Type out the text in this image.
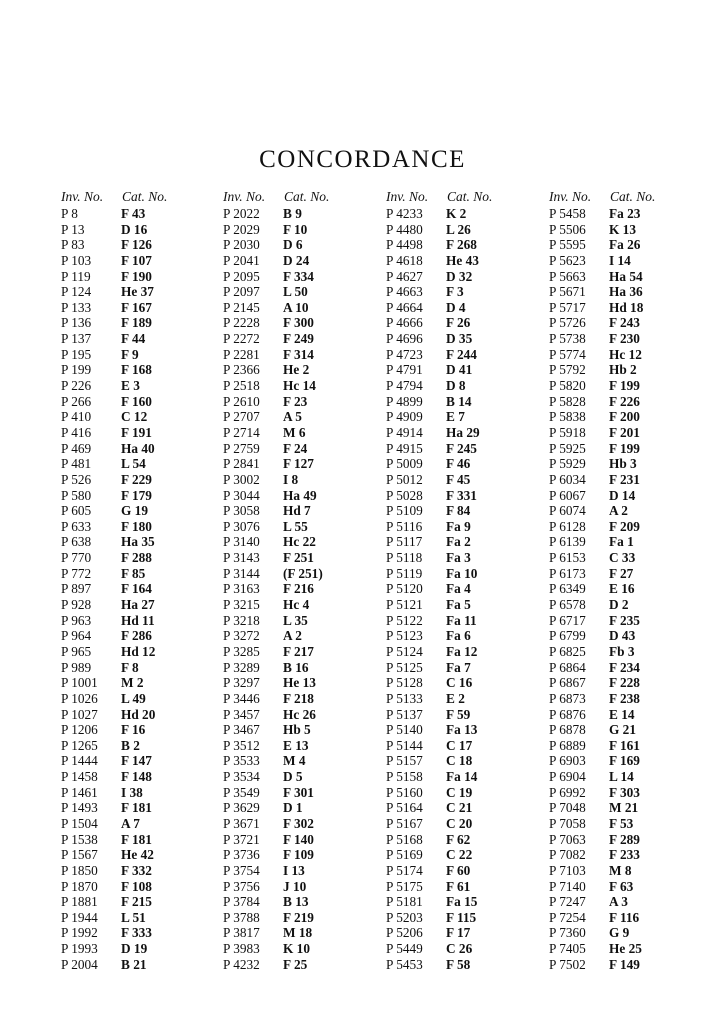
CONCORDANCE
Inv. No. Cat. No.
P 8	F 43
P 13	D 16
P 83	F 126
P 103 F 107
P 119 F 190
P 124 He 37
P 133 F 167
P 136 F 189
P 137 F 44
P 195 F 9
P 199 F 168
P 226 E 3
P 266 F 160
P 410 C 12
P 416 F 191
P 469 Ha 40
P 481 L 54
P 526 F 229
P 580 F 179
P 605 G 19
P 633 F 180
P 638 Ha 35
P 770 F 288
P 772 F 85
P 897 F 164
P 928 Ha 27
P 963 Hd 11
P 964 F 286
P 965 Hd 12
P 989 F 8
P 1001 M 2
P 1026 L 49
P 1027 Hd 20
P 1206 F 16
P 1265 B 2
P 1444 F 147
P 1458 F 148
P 1461 I 38
P 1493 F 181
P 1504 A 7
P 1538 F 181
P 1567 He 42
P 1850 F 332
P 1870 F 108
P 1881 F 215
P 1944 L 51
P 1992 F 333
P 1993 D 19
P 2004 B 21
Inv. No. Cat. No.
P 2022 B 9
P 2029 F 10
P 2030 D 6
P 2041 D 24
P 2095 F 334
P 2097 L 50
P 2145 A 10
P 2228 F 300
P 2272 F 249
P 2281 F 314
P 2366 He 2
P 2518 Hc 14
P 2610 F 23
P 2707 A 5
P 2714 M 6
P 2759 F 24
P 2841 F 127
P 3002 I 8
P 3044 Ha 49
P 3058 Hd 7
P 3076 L 55
P 3140 Hc 22
P 3143 F 251
P 3144 (F 251)
P 3163 F 216
P 3215 Hc 4
P 3218 L 35
P 3272 A 2
P 3285 F 217
P 3289 B 16
P 3297 He 13
P 3446 F 218
P 3457 Hc 26
P 3467 Hb 5
P 3512 E 13
P 3533 M 4
P 3534 D 5
P 3549 F 301
P 3629 D 1
P 3671 F 302
P 3721 F 140
P 3736 F 109
P 3754 I 13
P 3756 J 10
P 3784 B 13
P 3788 F 219
P 3817 M 18
P 3983 K 10
P 4232 F 25
Inv. No. Cat. No.
P 4233 K 2
P 4480 L 26
P 4498 F 268
P 4618 He 43
P 4627 D 32
P 4663 F 3
P 4664 D 4
P 4666 F 26
P 4696 D 35
P 4723 F 244
P 4791 D 41
P 4794 D 8
P 4899 B 14
P 4909 E 7
P 4914 Ha 29
P 4915 F 245
P 5009 F 46
P 5012 F 45
P 5028 F 331
P 5109 F 84
P 5116 Fa 9
P 5117 Fa 2
P 5118 Fa 3
P 5119 Fa 10
P 5120 Fa 4
P 5121 Fa 5
P 5122 Fa 11
P 5123 Fa 6
P 5124 Fa 12
P 5125 Fa 7
P 5128 C 16
P 5133 E 2
P 5137 F 59
P 5140 Fa 13
P 5144 C 17
P 5157 C 18
P 5158 Fa 14
P 5160 C 19
P 5164 C 21
P 5167 C 20
P 5168 F 62
P 5169 C 22
P 5174 F 60
P 5175 F 61
P 5181 Fa 15
P 5203 F 115
P 5206 F 17
P 5449 C 26
P 5453 F 58
Inv. No. Cat. No.
P 5458 Fa 23
P 5506 K 13
P 5595 Fa 26
P 5623 I 14
P 5663 Ha 54
P 5671 Ha 36
P 5717 Hd 18
P 5726 F 243
P 5738 F 230
P 5774 Hc 12
P 5792 Hb 2
P 5820 F 199
P 5828 F 226
P 5838 F 200
P 5918 F 201
P 5925 F 199
P 5929 Hb 3
P 6034 F 231
P 6067 D 14
P 6074 A 2
P 6128 F 209
P 6139 Fa 1
P 6153 C 33
P 6173 F 27
P 6349 E 16
P 6578 D 2
P 6717 F 235
P 6799 D 43
P 6825 Fb 3
P 6864 F 234
P 6867 F 228
P 6873 F 238
P 6876 E 14
P 6878 G 21
P 6889 F 161
P 6903 F 169
P 6904 L 14
P 6992 F 303
P 7048 M 21
P 7058 F 53
P 7063 F 289
P 7082 F 233
P 7103 M 8
P 7140 F 63
P 7247 A 3
P 7254 F 116
P 7360 G 9
P 7405 He 25
P 7502 F 149
